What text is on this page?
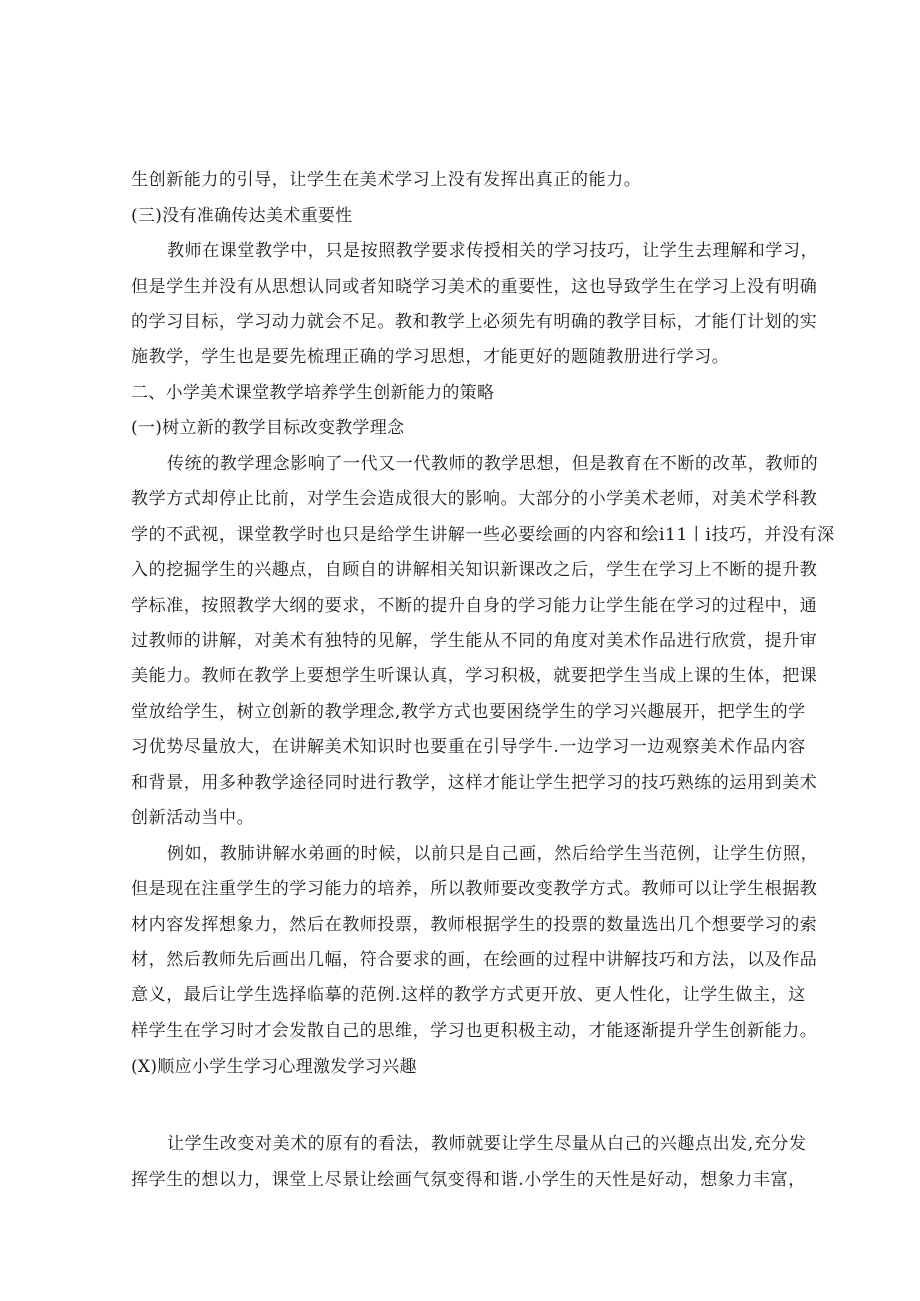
生创新能力的引导，让学生在美术学习上没有发挥出真正的能力。
(三)没有准确传达美术重要性
教师在课堂教学中，只是按照教学要求传授相关的学习技巧，让学生去理解和学习，
但是学生并没有从思想认同或者知晓学习美术的重要性，这也导致学生在学习上没有明确
的学习目标，学习动力就会不足。教和教学上必须先有明确的教学目标，才能仃计划的实
施教学，学生也是要先梳理正确的学习思想，才能更好的题随教册进行学习。
二、小学美术课堂教学培养学生创新能力的策略
(一)树立新的教学目标改变教学理念
传统的教学理念影响了一代又一代教师的教学思想，但是教育在不断的改革，教师的
教学方式却停止比前，对学生会造成很大的影响。大部分的小学美术老师，对美术学科教
学的不武视，课堂教学时也只是给学生讲解一些必要绘画的内容和绘i11丨i技巧，并没有深
入的挖掘学生的兴趣点，自顾自的讲解相关知识新课改之后，学生在学习上不断的提升教
学标准，按照教学大纲的要求，不断的提升自身的学习能力让学生能在学习的过程中，通
过教师的讲解，对美术有独特的见解，学生能从不同的角度对美术作品进行欣赏，提升审
美能力。教师在教学上要想学生听课认真，学习积极，就要把学生当成上课的生体，把课
堂放给学生，树立创新的教学理念,教学方式也要困绕学生的学习兴趣展开，把学生的学
习优势尽量放大，在讲解美术知识时也要重在引导学牛.一边学习一边观察美术作品内容
和背景，用多种教学途径同时进行教学，这样才能让学生把学习的技巧熟练的运用到美术
创新活动当中。
例如，教肺讲解水弟画的时候，以前只是自己画，然后给学生当范例，让学生仿照，
但是现在注重学生的学习能力的培养，所以教师要改变教学方式。教师可以让学生根据教
材内容发挥想象力，然后在教师投票，教师根据学生的投票的数量选出几个想要学习的索
材，然后教师先后画出几幅，符合要求的画，在绘画的过程中讲解技巧和方法，以及作品
意义，最后让学生选择临摹的范例.这样的教学方式更开放、更人性化，让学生做主，这
样学生在学习时才会发散自己的思维，学习也更积极主动，才能逐渐提升学生创新能力。
(X)顺应小学生学习心理激发学习兴趣
让学生改变对美术的原有的看法，教师就要让学生尽量从白己的兴趣点出发,充分发
挥学生的想以力，课堂上尽景让绘画气氛变得和谐.小学生的天性是好动，想象力丰富，
